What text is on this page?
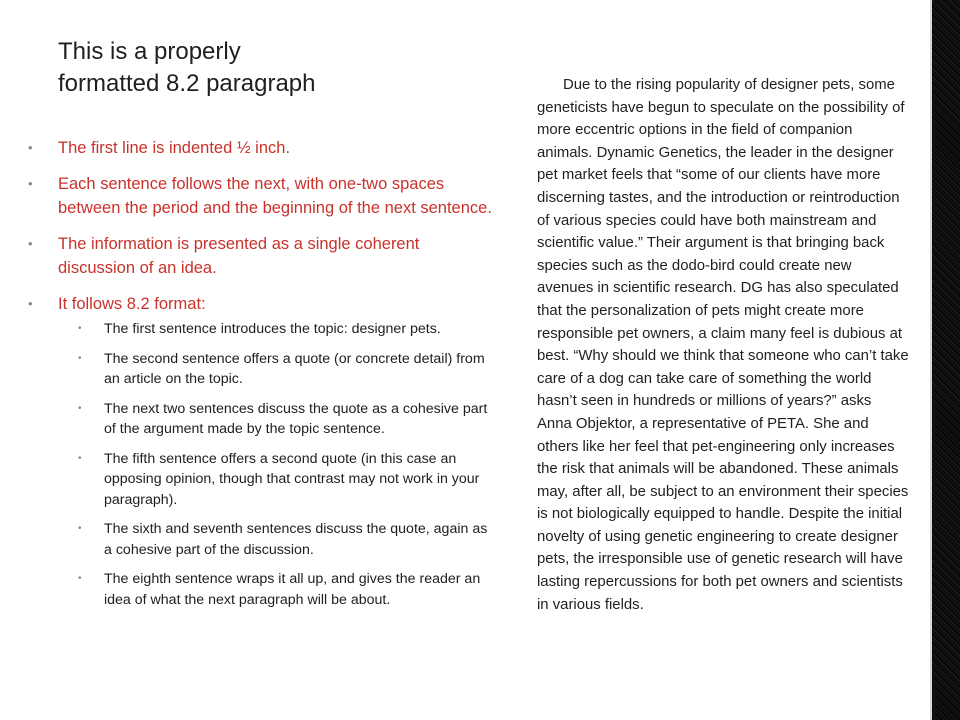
This is a properly
formatted 8.2 paragraph
• The first line is indented ½ inch.
• Each sentence follows the next, with one-two spaces between the period and the beginning of the next sentence.
• The information is presented as a single coherent discussion of an idea.
• It follows 8.2 format:
• The first sentence introduces the topic: designer pets.
• The second sentence offers a quote (or concrete detail) from an article on the topic.
• The next two sentences discuss the quote as a cohesive part of the argument made by the topic sentence.
• The fifth sentence offers a second quote (in this case an opposing opinion, though that contrast may not work in your paragraph).
• The sixth and seventh sentences discuss the quote, again as a cohesive part of the discussion.
• The eighth sentence wraps it all up, and gives the reader an idea of what the next paragraph will be about.

Due to the rising popularity of designer pets, some geneticists have begun to speculate on the possibility of more eccentric options in the field of companion animals. Dynamic Genetics, the leader in the designer pet market feels that “some of our clients have more discerning tastes, and the introduction or reintroduction of various species could have both mainstream and scientific value.” Their argument is that bringing back species such as the dodo-bird could create new avenues in scientific research. DG has also speculated that the personalization of pets might create more responsible pet owners, a claim many feel is dubious at best. “Why should we think that someone who can’t take care of a dog can take care of something the world hasn’t seen in hundreds or millions of years?” asks Anna Objektor, a representative of PETA. She and others like her feel that pet-engineering only increases the risk that animals will be abandoned. These animals may, after all, be subject to an environment their species is not biologically equipped to handle. Despite the initial novelty of using genetic engineering to create designer pets, the irresponsible use of genetic research will have lasting repercussions for both pet owners and scientists in various fields.
